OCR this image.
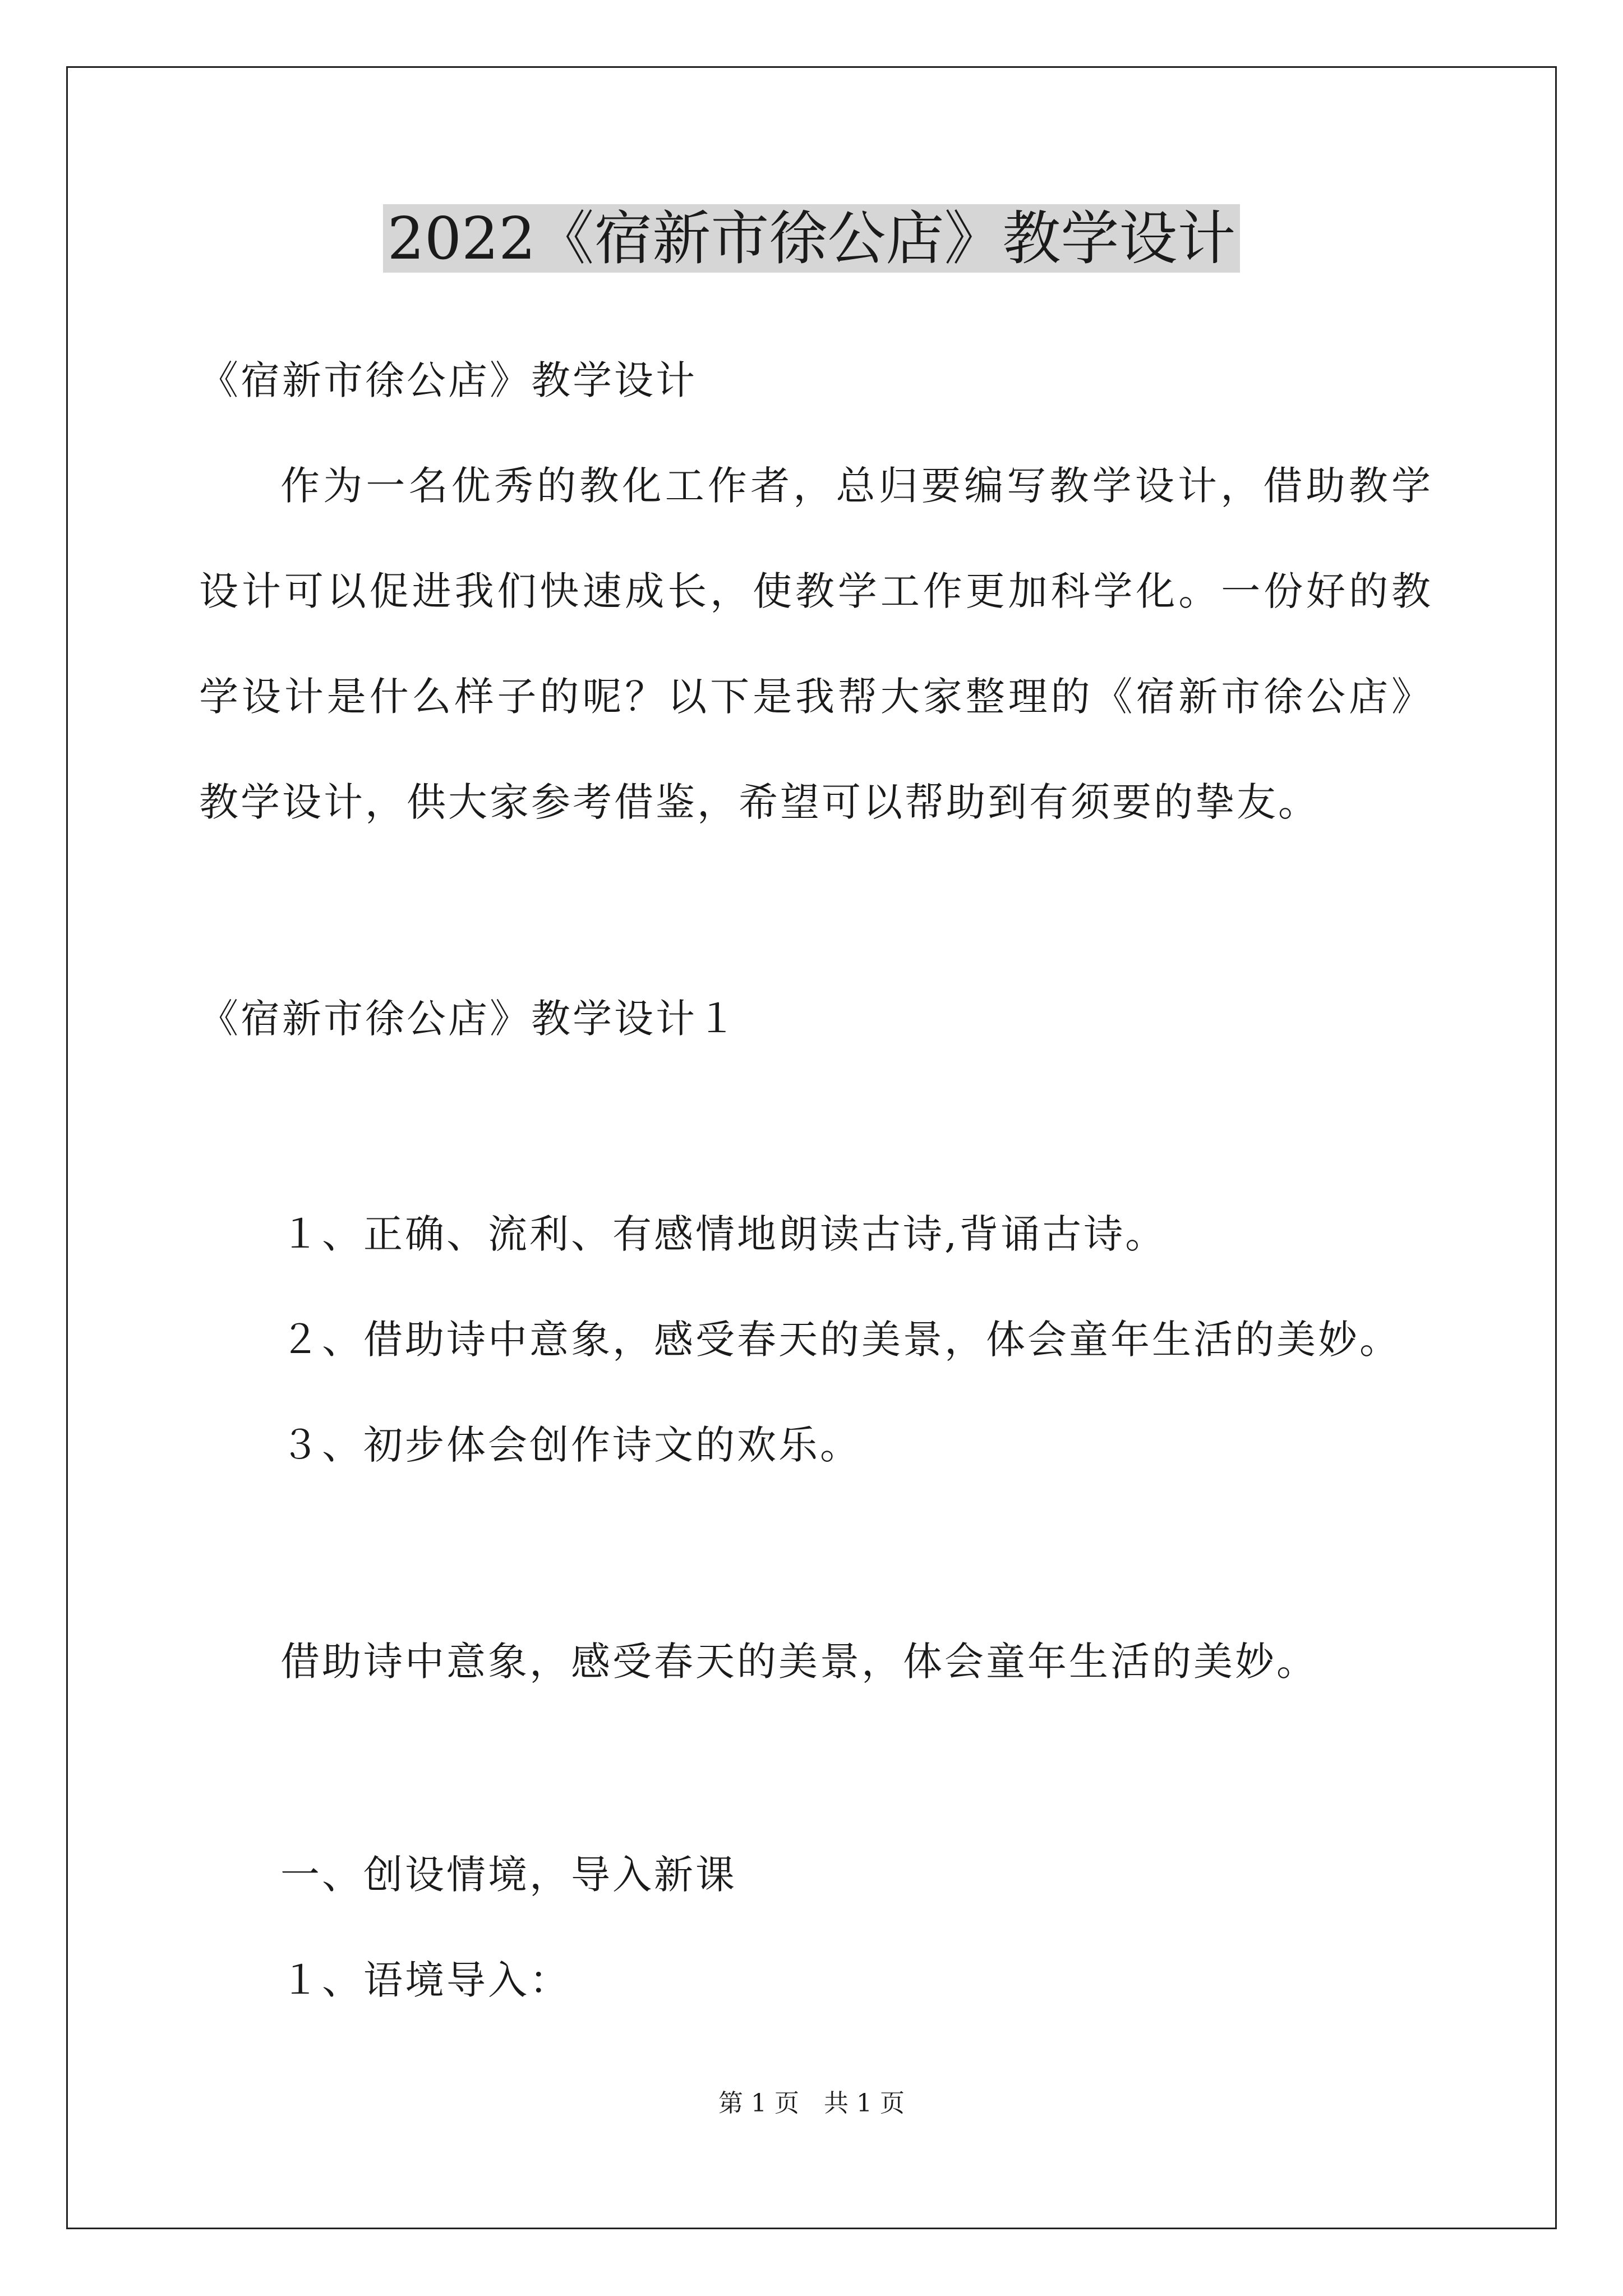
2022《宿新市徐公店》教学设计
《宿新市徐公店》教学设计
作为一名优秀的教化工作者，总归要编写教学设计，借助教学设计可以促进我们快速成长，使教学工作更加科学化。一份好的教学设计是什么样子的呢？以下是我帮大家整理的《宿新市徐公店》教学设计，供大家参考借鉴，希望可以帮助到有须要的挚友。
《宿新市徐公店》教学设计１
１、正确、流利、有感情地朗读古诗,背诵古诗。
２、借助诗中意象，感受春天的美景，体会童年生活的美妙。
３、初步体会创作诗文的欢乐。
借助诗中意象，感受春天的美景，体会童年生活的美妙。
一、创设情境，导入新课
１、语境导入：
第 1 页　共 1 页
